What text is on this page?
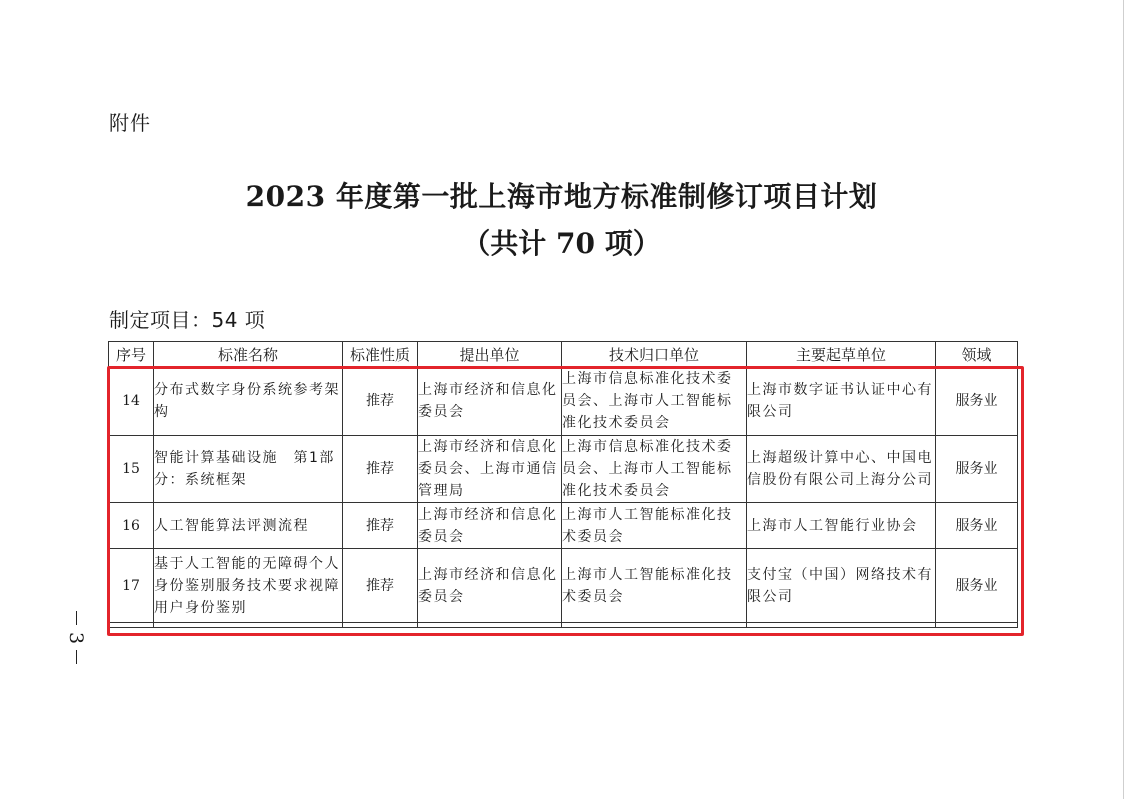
附件
2023 年度第一批上海市地方标准制修订项目计划
（共计 70 项）
制定项目：54 项
序号	标准名称	标准性质	提出单位	技术归口单位	主要起草单位	领域
14	分布式数字身份系统参考架构	推荐	上海市经济和信息化委员会	上海市信息标准化技术委员会、上海市人工智能标准化技术委员会	上海市数字证书认证中心有限公司	服务业
15	智能计算基础设施　第1部分：系统框架	推荐	上海市经济和信息化委员会、上海市通信管理局	上海市信息标准化技术委员会、上海市人工智能标准化技术委员会	上海超级计算中心、中国电信股份有限公司上海分公司	服务业
16	人工智能算法评测流程	推荐	上海市经济和信息化委员会	上海市人工智能标准化技术委员会	上海市人工智能行业协会	服务业
17	基于人工智能的无障碍个人身份鉴别服务技术要求视障用户身份鉴别	推荐	上海市经济和信息化委员会	上海市人工智能标准化技术委员会	支付宝（中国）网络技术有限公司	服务业

3
